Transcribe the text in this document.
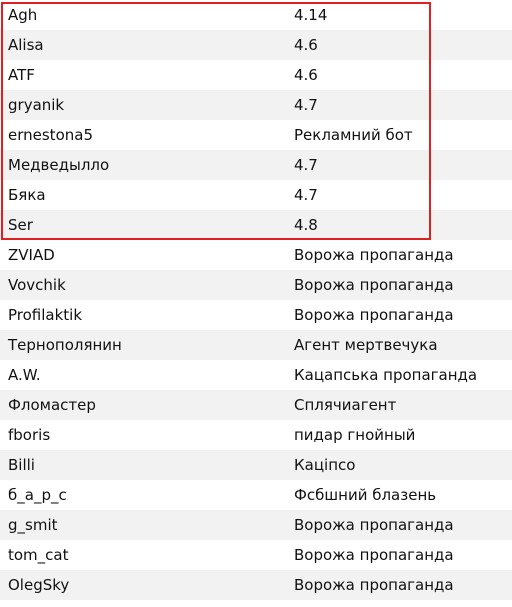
Agh	4.14
Alisa	4.6
ATF	4.6
gryanik	4.7
ernestona5	Рекламний бот
Медведылло	4.7
Бяка	4.7
Ser	4.8
ZVIAD	Ворожа пропаганда
Vovchik	Ворожа пропаганда
Profilaktik	Ворожа пропаганда
Тернополянин	Агент мертвечука
A.W.	Кацапська пропаганда
Фломастер	Сплячиагент
fboris	пидар гнойный
Billi	Каціпсо
б_а_р_с	Фсбшний блазень
g_smit	Ворожа пропаганда
tom_cat	Ворожа пропаганда
OlegSky	Ворожа пропаганда
